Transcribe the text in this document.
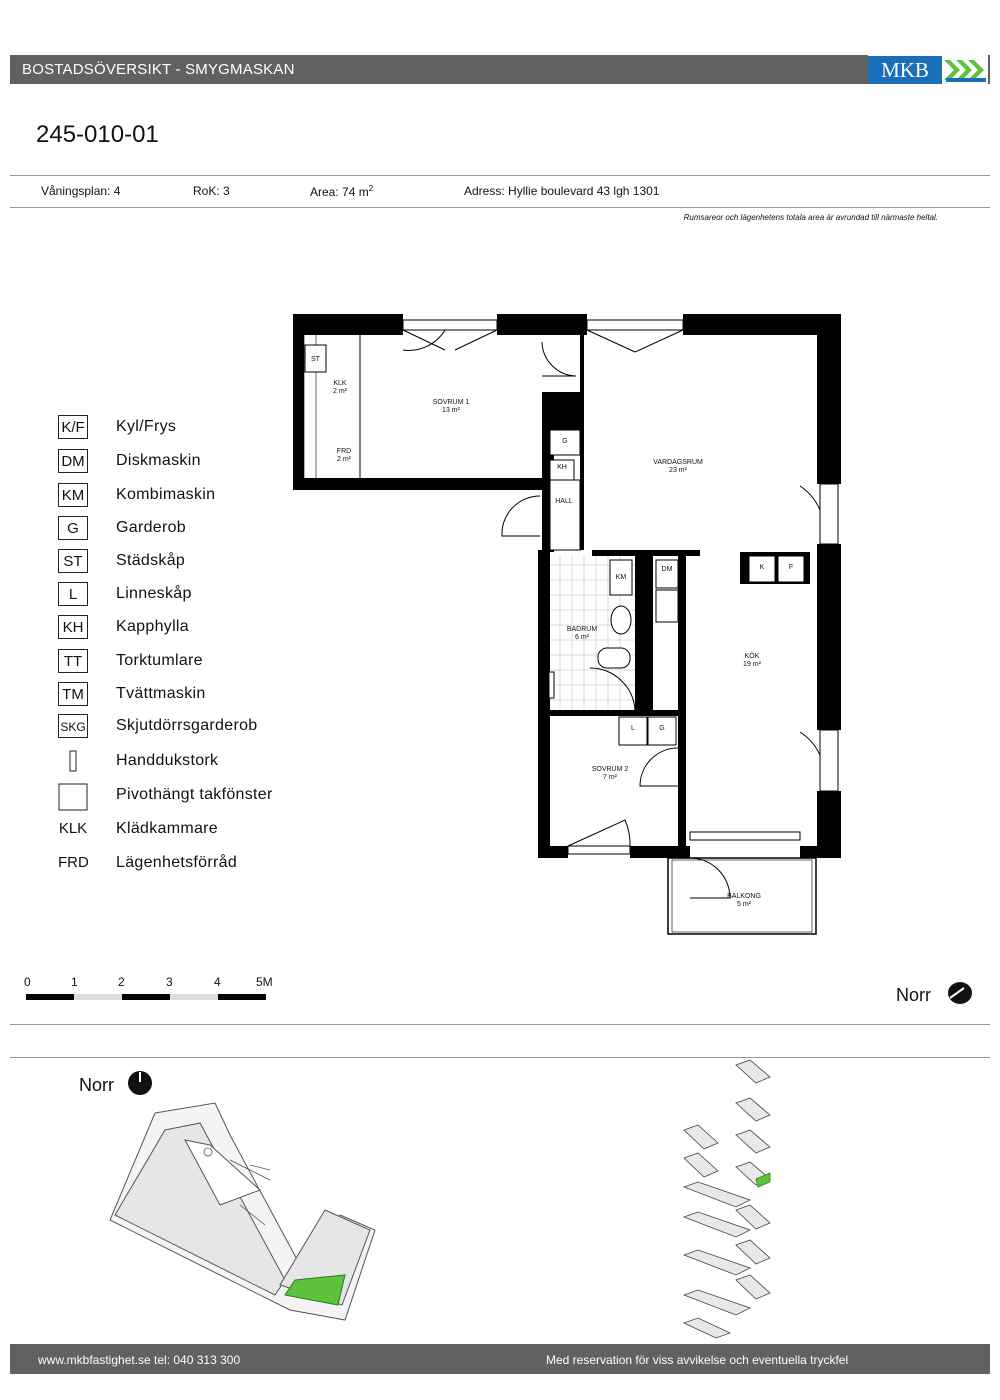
BOSTADSÖVERSIKT - SMYGMASKAN	MKB
245-010-01
Våningsplan: 4	RoK: 3	Area: 74 $m^2$	Adress: Hyllie boulevard 43 lgh 1301
Rumsareor och lägenhetens totala area är avrundad till närmaste heltal.
K/F Kyl/Frys
DM Diskmaskin
KM Kombimaskin
G	Garderob
ST	Städskåp
L	Linneskåp
KH Kapphylla
TT	Torktumlare
TM Tvättmaskin
SKG Skjutdörrsgarderob
Handdukstork
Pivothängt takfönster
KLK Klädkammare
FRD Lägenhetsförråd
SOVRUM 1
13 m²
KLK
2 m²
FRD
2 m²	VARDAGSRUM
23 m²
HALL
BADRUM
6 m²
KÖK
19 m²
SOVRUM 2
7 m²
BALKONG
5 m²
ST
G
KH
KM
DM	K	F
L	G
0	1	2	3	4	5M
Norr
Norr
www.mkbfastighet.se tel: 040 313 300	Med reservation för viss avvikelse och eventuella tryckfel
